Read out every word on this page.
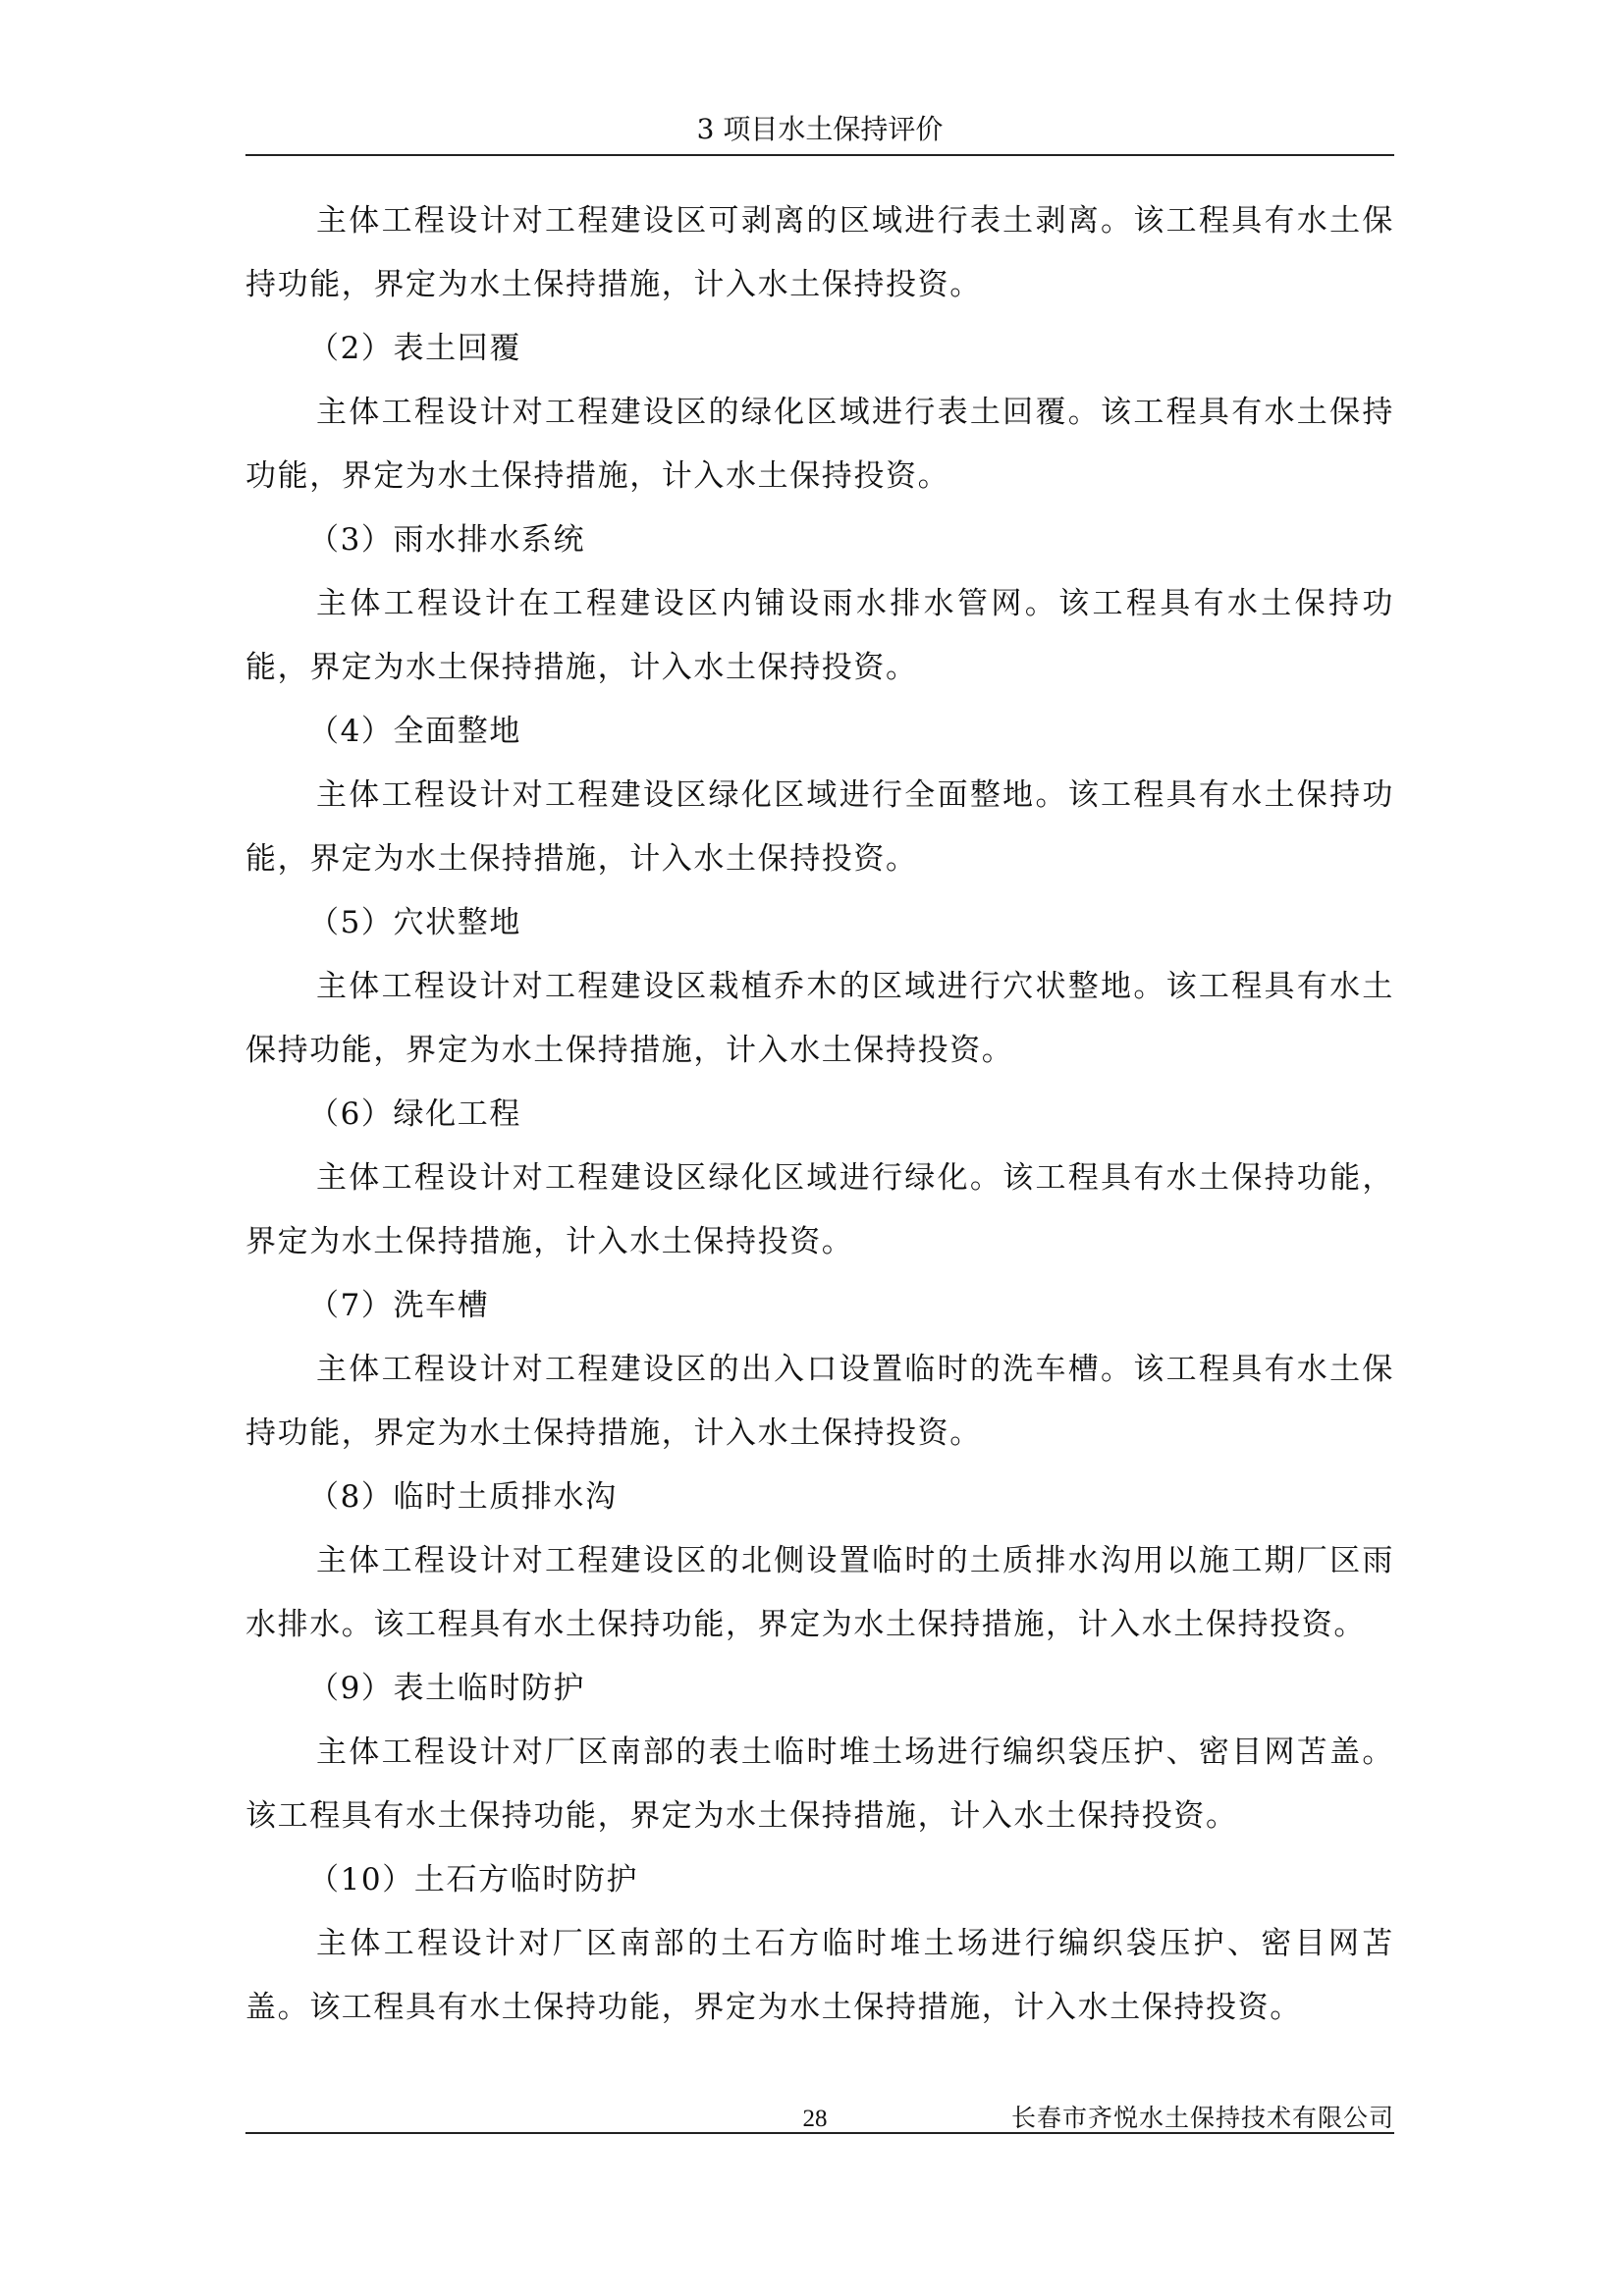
3 项目水土保持评价

主体工程设计对工程建设区可剥离的区域进行表土剥离。该工程具有水土保持功能，界定为水土保持措施，计入水土保持投资。

（2）表土回覆

主体工程设计对工程建设区的绿化区域进行表土回覆。该工程具有水土保持功能，界定为水土保持措施，计入水土保持投资。

（3）雨水排水系统

主体工程设计在工程建设区内铺设雨水排水管网。该工程具有水土保持功能，界定为水土保持措施，计入水土保持投资。

（4）全面整地

主体工程设计对工程建设区绿化区域进行全面整地。该工程具有水土保持功能，界定为水土保持措施，计入水土保持投资。

（5）穴状整地

主体工程设计对工程建设区栽植乔木的区域进行穴状整地。该工程具有水土保持功能，界定为水土保持措施，计入水土保持投资。

（6）绿化工程

主体工程设计对工程建设区绿化区域进行绿化。该工程具有水土保持功能，界定为水土保持措施，计入水土保持投资。

（7）洗车槽

主体工程设计对工程建设区的出入口设置临时的洗车槽。该工程具有水土保持功能，界定为水土保持措施，计入水土保持投资。

（8）临时土质排水沟

主体工程设计对工程建设区的北侧设置临时的土质排水沟用以施工期厂区雨水排水。该工程具有水土保持功能，界定为水土保持措施，计入水土保持投资。

（9）表土临时防护

主体工程设计对厂区南部的表土临时堆土场进行编织袋压护、密目网苫盖。该工程具有水土保持功能，界定为水土保持措施，计入水土保持投资。

（10）土石方临时防护

主体工程设计对厂区南部的土石方临时堆土场进行编织袋压护、密目网苫盖。该工程具有水土保持功能，界定为水土保持措施，计入水土保持投资。

28	长春市齐悦水土保持技术有限公司
